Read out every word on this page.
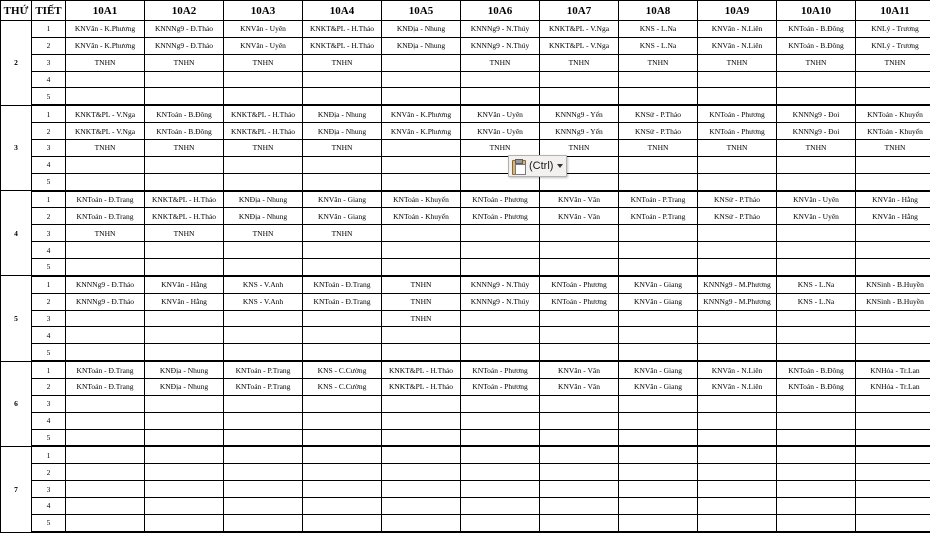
THỨ	TIẾT	10A1	10A2	10A3	10A4	10A5	10A6	10A7	10A8	10A9	10A10	10A11
2	1	KNVăn - K.Phương	KNNNg9 - Đ.Thảo	KNVăn - Uyên	KNKT&PL - H.Thảo	KNĐịa - Nhung	KNNNg9 - N.Thúy	KNKT&PL - V.Nga	KNS - L.Na	KNVăn - N.Liên	KNToán - B.Đông	KNLý - Trương
	2	KNVăn - K.Phương	KNNNg9 - Đ.Thảo	KNVăn - Uyên	KNKT&PL - H.Thảo	KNĐịa - Nhung	KNNNg9 - N.Thúy	KNKT&PL - V.Nga	KNS - L.Na	KNVăn - N.Liên	KNToán - B.Đông	KNLý - Trương
	3	TNHN	TNHN	TNHN	TNHN		TNHN	TNHN	TNHN	TNHN	TNHN	TNHN
	4											
	5											
3	1	KNKT&PL - V.Nga	KNToán - B.Đông	KNKT&PL - H.Thảo	KNĐịa - Nhung	KNVăn - K.Phương	KNVăn - Uyên	KNNNg9 - Yến	KNSử - P.Thảo	KNToán - Phương	KNNNg9 - Đoi	KNToán - Khuyến
	2	KNKT&PL - V.Nga	KNToán - B.Đông	KNKT&PL - H.Thảo	KNĐịa - Nhung	KNVăn - K.Phương	KNVăn - Uyên	KNNNg9 - Yến	KNSử - P.Thảo	KNToán - Phương	KNNNg9 - Đoi	KNToán - Khuyến
	3	TNHN	TNHN	TNHN	TNHN		TNHN	TNHN	TNHN	TNHN	TNHN	TNHN
	4											
	5											
4	1	KNToán - Đ.Trang	KNKT&PL - H.Thảo	KNĐịa - Nhung	KNVăn - Giang	KNToán - Khuyến	KNToán - Phương	KNVăn - Vân	KNToán - P.Trang	KNSử - P.Thảo	KNVăn - Uyên	KNVăn - Hằng
	2	KNToán - Đ.Trang	KNKT&PL - H.Thảo	KNĐịa - Nhung	KNVăn - Giang	KNToán - Khuyến	KNToán - Phương	KNVăn - Vân	KNToán - P.Trang	KNSử - P.Thảo	KNVăn - Uyên	KNVăn - Hằng
	3	TNHN	TNHN	TNHN	TNHN							
	4											
	5											
5	1	KNNNg9 - Đ.Thảo	KNVăn - Hằng	KNS - V.Anh	KNToán - Đ.Trang	TNHN	KNNNg9 - N.Thúy	KNToán - Phương	KNVăn - Giang	KNNNg9 - M.Phương	KNS - L.Na	KNSinh - B.Huyền
	2	KNNNg9 - Đ.Thảo	KNVăn - Hằng	KNS - V.Anh	KNToán - Đ.Trang	TNHN	KNNNg9 - N.Thúy	KNToán - Phương	KNVăn - Giang	KNNNg9 - M.Phương	KNS - L.Na	KNSinh - B.Huyền
	3					TNHN						
	4											
	5											
6	1	KNToán - Đ.Trang	KNĐịa - Nhung	KNToán - P.Trang	KNS - C.Cường	KNKT&PL - H.Thảo	KNToán - Phương	KNVăn - Vân	KNVăn - Giang	KNVăn - N.Liên	KNToán - B.Đông	KNHóa - Tr.Lan
	2	KNToán - Đ.Trang	KNĐịa - Nhung	KNToán - P.Trang	KNS - C.Cường	KNKT&PL - H.Thảo	KNToán - Phương	KNVăn - Vân	KNVăn - Giang	KNVăn - N.Liên	KNToán - B.Đông	KNHóa - Tr.Lan
	3											
	4											
	5											
7	1											
	2											
	3											
	4											
	5											
(Ctrl)
